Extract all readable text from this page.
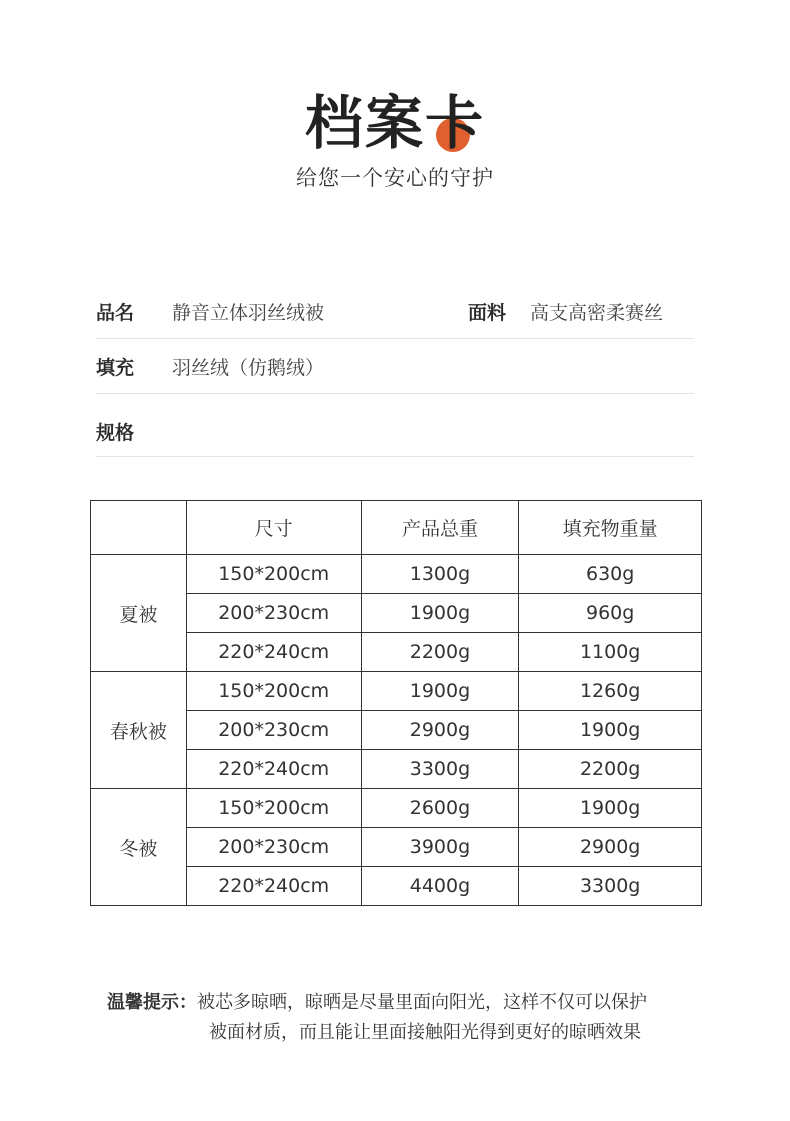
档案卡
给您一个安心的守护
品名 静音立体羽丝绒被	面料 高支高密柔赛丝
填充 羽丝绒（仿鹅绒）
规格
	尺寸	产品总重	填充物重量
夏被	150*200cm	1300g	630g
	200*230cm	1900g	960g
	220*240cm	2200g	1100g
春秋被	150*200cm	1900g	1260g
	200*230cm	2900g	1900g
	220*240cm	3300g	2200g
冬被	150*200cm	2600g	1900g
	200*230cm	3900g	2900g
	220*240cm	4400g	3300g
温馨提示：被芯多晾晒，晾晒是尽量里面向阳光，这样不仅可以保护
被面材质，而且能让里面接触阳光得到更好的晾晒效果
